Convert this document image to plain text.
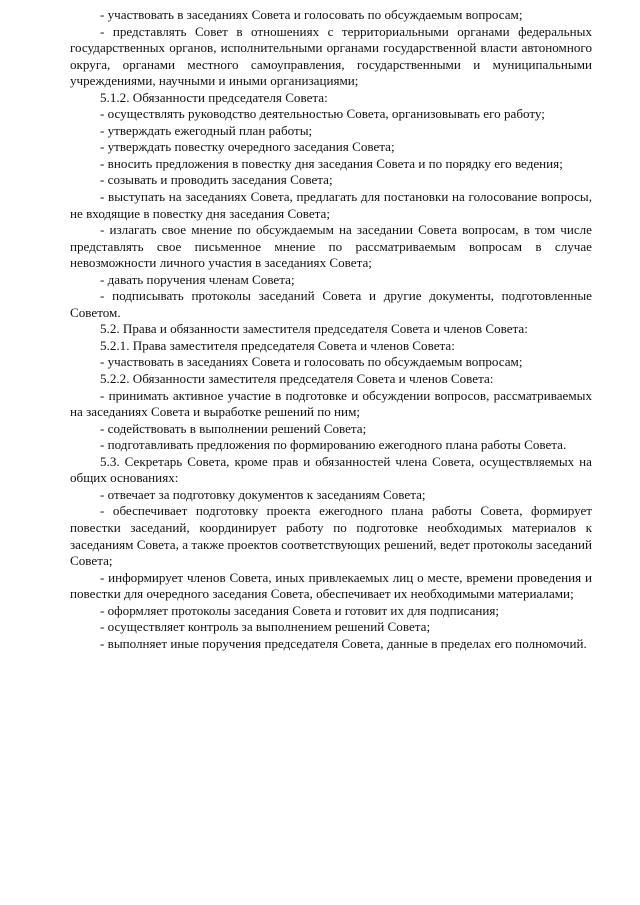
- участвовать в заседаниях Совета и голосовать по обсуждаемым вопросам;

- представлять Совет в отношениях с территориальными органами федеральных государственных органов, исполнительными органами государственной власти автономного округа, органами местного самоуправления, государственными и муниципальными учреждениями, научными и иными организациями;

5.1.2. Обязанности председателя Совета:

- осуществлять руководство деятельностью Совета, организовывать его работу;

- утверждать ежегодный план работы;

- утверждать повестку очередного заседания Совета;

- вносить предложения в повестку дня заседания Совета и по порядку его ведения;

- созывать и проводить заседания Совета;

- выступать на заседаниях Совета, предлагать для постановки на голосование вопросы, не входящие в повестку дня заседания Совета;

- излагать свое мнение по обсуждаемым на заседании Совета вопросам, в том числе представлять свое письменное мнение по рассматриваемым вопросам в случае невозможности личного участия в заседаниях Совета;

- давать поручения членам Совета;

- подписывать протоколы заседаний Совета и другие документы, подготовленные Советом.

5.2. Права и обязанности заместителя председателя Совета и членов Совета:

5.2.1. Права заместителя председателя Совета и членов Совета:

- участвовать в заседаниях Совета и голосовать по обсуждаемым вопросам;

5.2.2. Обязанности заместителя председателя Совета и членов Совета:

- принимать активное участие в подготовке и обсуждении вопросов, рассматриваемых на заседаниях Совета и выработке решений по ним;

- содействовать в выполнении решений Совета;

- подготавливать предложения по формированию ежегодного плана работы Совета.

5.3. Секретарь Совета, кроме прав и обязанностей члена Совета, осуществляемых на общих основаниях:

- отвечает за подготовку документов к заседаниям Совета;

- обеспечивает подготовку проекта ежегодного плана работы Совета, формирует повестки заседаний, координирует работу по подготовке необходимых материалов к заседаниям Совета, а также проектов соответствующих решений, ведет протоколы заседаний Совета;

- информирует членов Совета, иных привлекаемых лиц о месте, времени проведения и повестки для очередного заседания Совета, обеспечивает их необходимыми материалами;

- оформляет протоколы заседания Совета и готовит их для подписания;

- осуществляет контроль за выполнением решений Совета;

- выполняет иные поручения председателя Совета, данные в пределах его полномочий.
